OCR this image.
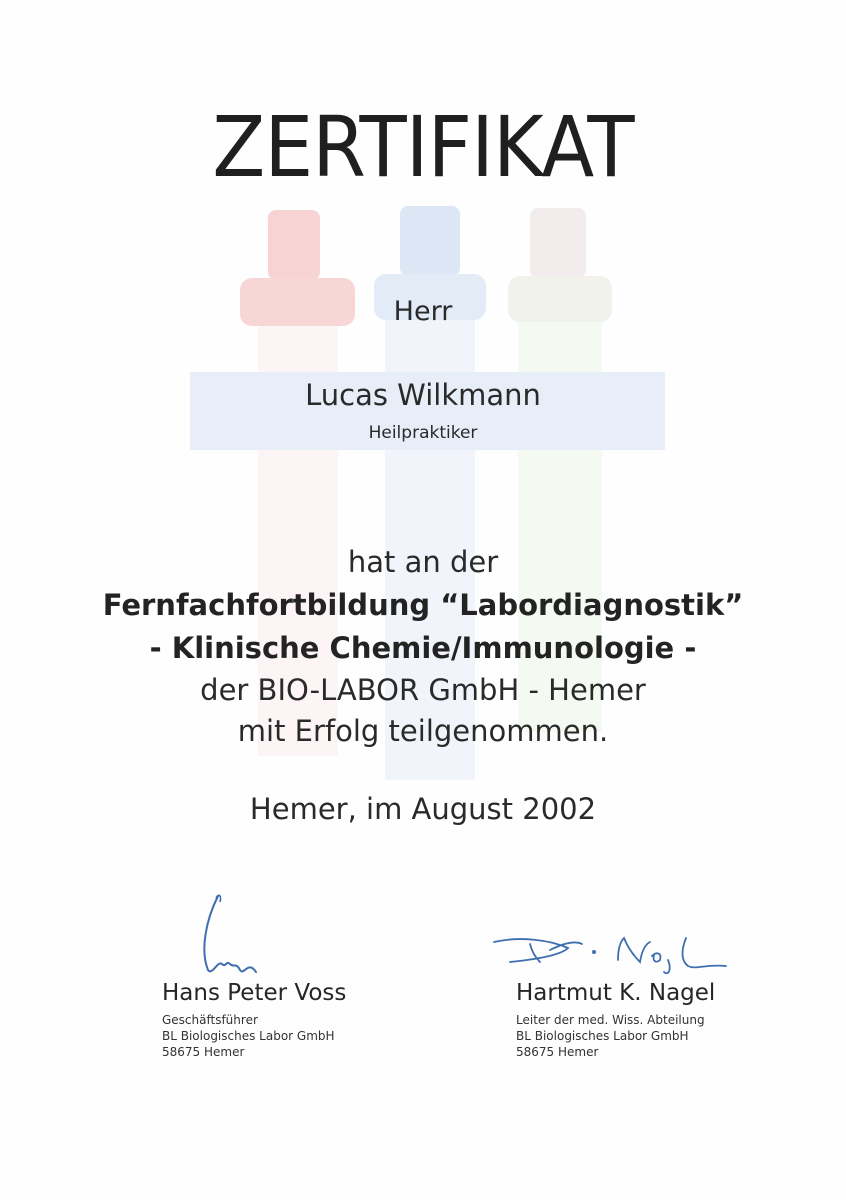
ZERTIFIKAT
Herr
Lucas Wilkmann
Heilpraktiker
hat an der
Fernfachfortbildung “Labordiagnostik”
- Klinische Chemie/Immunologie -
der BIO-LABOR GmbH - Hemer
mit Erfolg teilgenommen.
Hemer, im August 2002
Hans Peter Voss
Geschäftsführer
BL Biologisches Labor GmbH
58675 Hemer
Hartmut K. Nagel
Leiter der med. Wiss. Abteilung
BL Biologisches Labor GmbH
58675 Hemer
